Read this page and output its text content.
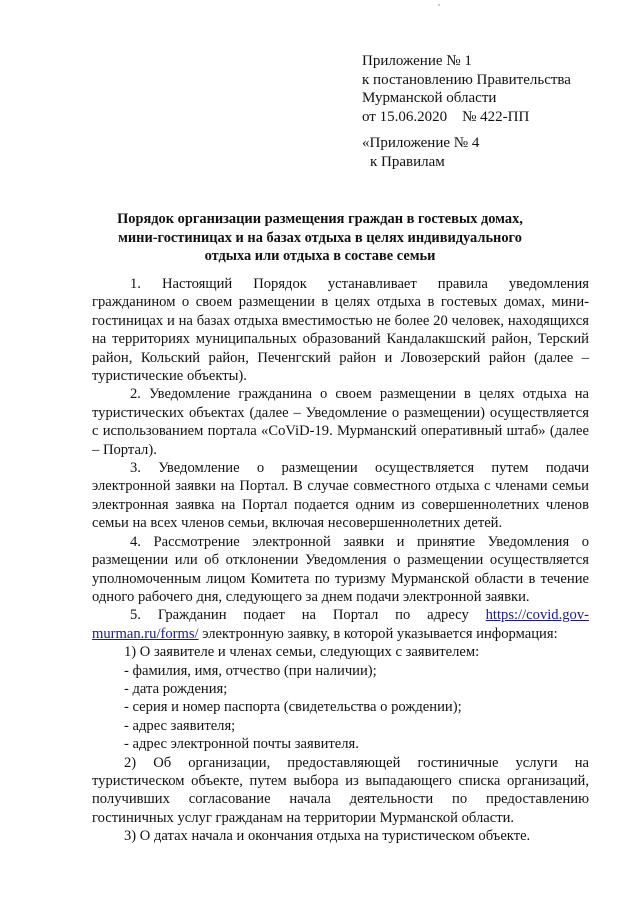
Приложение № 1
к постановлению Правительства
Мурманской области
от 15.06.2020    № 422-ПП
«Приложение № 4
к Правилам
Порядок организации размещения граждан в гостевых домах, мини-гостиницах и на базах отдыха в целях индивидуального отдыха или отдыха в составе семьи

1.   Настоящий   Порядок   устанавливает   правила   уведомления гражданином о своем размещении в целях отдыха в гостевых домах, мини-гостиницах и на базах отдыха вместимостью не более 20 человек, находящихся на территориях муниципальных образований Кандалакшский район, Терский район, Кольский район, Печенгский район и Ловозерский район (далее –туристические объекты).

2. Уведомление гражданина о своем размещении в целях отдыха на туристических объектах (далее – Уведомление о размещении) осуществляется с использованием портала «CoViD-19. Мурманский оперативный штаб» (далее – Портал).

3. Уведомление о размещении осуществляется путем подачи электронной заявки на Портал. В случае совместного отдыха с членами семьи электронная заявка на Портал подается одним из совершеннолетних членов семьи на всех членов семьи, включая несовершеннолетних детей.

4. Рассмотрение электронной заявки и принятие Уведомления о размещении или об отклонении Уведомления о размещении осуществляется уполномоченным лицом Комитета по туризму Мурманской области в течение одного рабочего дня, следующего за днем подачи электронной заявки.

5. Гражданин подает на Портал по адресу https://covid.gov-murman.ru/forms/ электронную заявку, в которой указывается информация:

1) О заявителе и членах семьи, следующих с заявителем:

- фамилия, имя, отчество (при наличии);

- дата рождения;

- серия и номер паспорта (свидетельства о рождении);

- адрес заявителя;

- адрес электронной почты заявителя.

2) Об организации, предоставляющей гостиничные услуги на туристическом объекте, путем выбора из выпадающего списка организаций, получивших согласование начала деятельности по предоставлению гостиничных услуг гражданам на территории Мурманской области.

3) О датах начала и окончания отдыха на туристическом объекте.
